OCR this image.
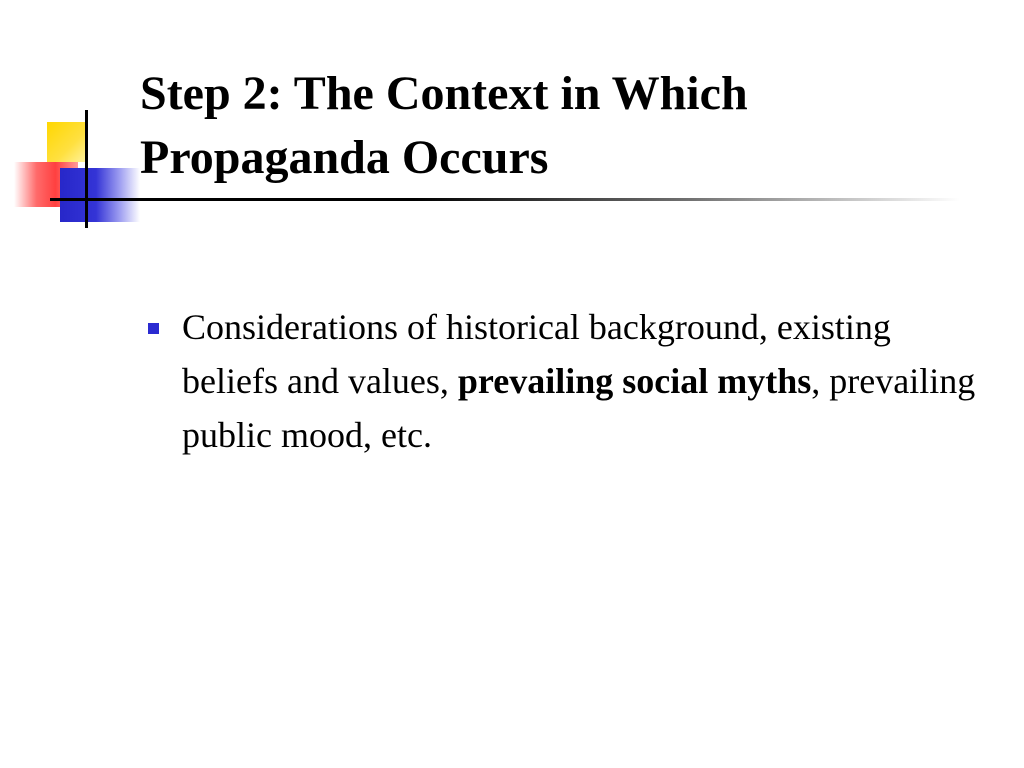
Step 2: The Context in Which
Propaganda Occurs
Considerations of historical background, existing beliefs and values, prevailing social myths, prevailing public mood, etc.
